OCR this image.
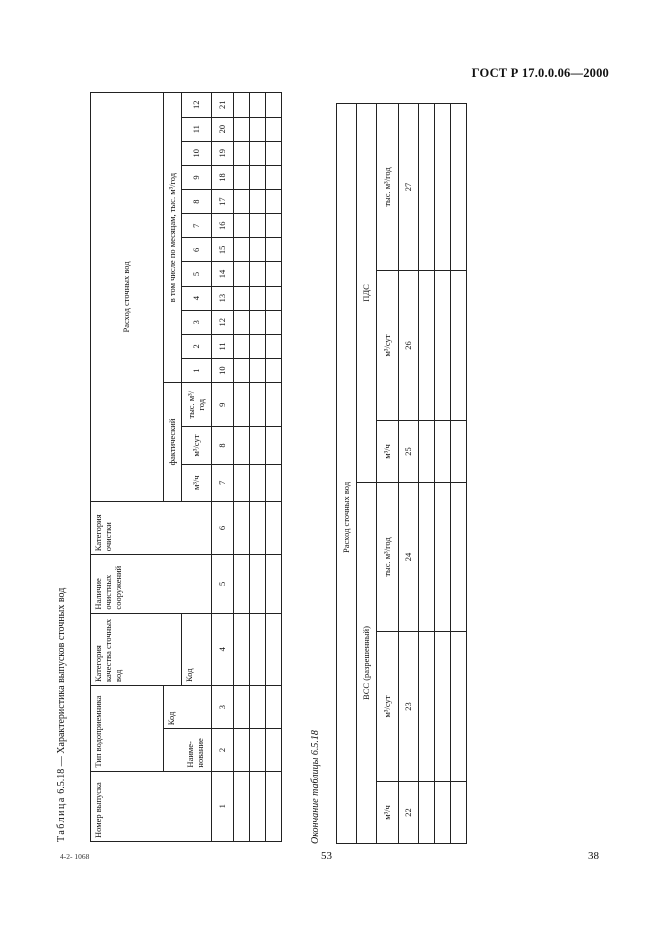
ГОСТ Р 17.0.0.06—2000
Таблица 6.5.18 — Характеристика выпусков сточных вод
Номер выпуска	Тип водоприемника		Категория качества сточных вод	Наличие очистных сооружений	Категория очистки	Расход сточных вод														
	Наиме-нование	Код				фактический			в том числе по месяцам, тыс. м³/год											
			Код			м³/ч	м³/сут	тыс. м³/год	1	2	3	4	5	6	7	8	9	10	11	12
1	2	3	4	5	6	7	8	9	10	11	12	13	14	15	16	17	18	19	20	21

Окончание таблицы 6.5.18
Расход сточных вод					
ВСС (разрешенный)			ПДС		
м³/ч	м³/сут	тыс. м³/год	м³/ч	м³/сут	тыс. м³/год
22	23	24	25	26	27

4-2- 1068	53	38
